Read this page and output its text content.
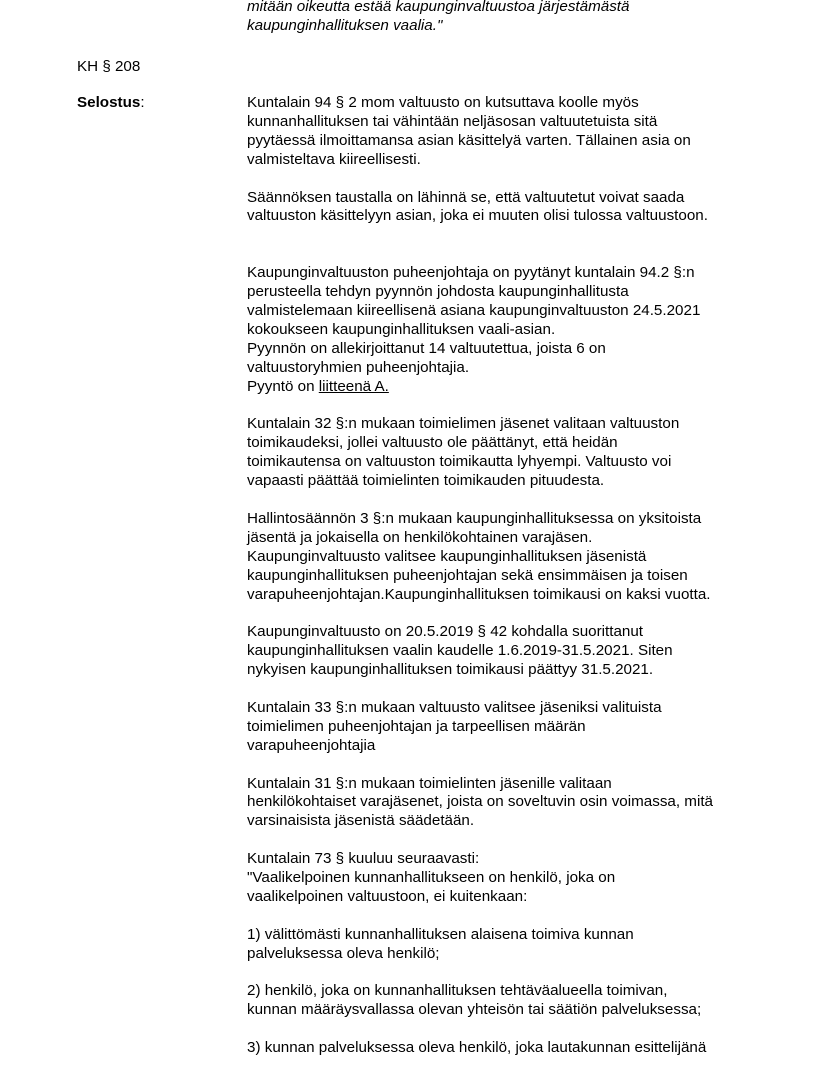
mitään oikeutta estää kaupunginvaltuustoa järjestämästä
kaupunginhallituksen vaalia."
KH § 208
Selostus:	Kuntalain 94 § 2 mom valtuusto on kutsuttava koolle myös
kunnanhallituksen tai vähintään neljäsosan valtuutetuista sitä
pyytäessä ilmoittamansa asian käsittelyä varten. Tällainen asia on
valmisteltava kiireellisesti.

Säännöksen taustalla on lähinnä se, että valtuutetut voivat saada
valtuuston käsittelyyn asian, joka ei muuten olisi tulossa valtuustoon.

Kaupunginvaltuuston puheenjohtaja on pyytänyt kuntalain 94.2 §:n
perusteella tehdyn pyynnön johdosta kaupunginhallitusta
valmistelemaan kiireellisenä asiana kaupunginvaltuuston 24.5.2021
kokoukseen kaupunginhallituksen vaali-asian.
Pyynnön on allekirjoittanut 14 valtuutettua, joista 6 on
valtuustoryhmien puheenjohtajia.
Pyyntö on liitteenä A.

Kuntalain 32 §:n mukaan toimielimen jäsenet valitaan valtuuston
toimikaudeksi, jollei valtuusto ole päättänyt, että heidän
toimikautensa on valtuuston toimikautta lyhyempi. Valtuusto voi
vapaasti päättää toimielinten toimikauden pituudesta.

Hallintosäännön 3 §:n mukaan kaupunginhallituksessa on yksitoista
jäsentä ja jokaisella on henkilökohtainen varajäsen.
Kaupunginvaltuusto valitsee kaupunginhallituksen jäsenistä
kaupunginhallituksen puheenjohtajan sekä ensimmäisen ja toisen
varapuheenjohtajan.Kaupunginhallituksen toimikausi on kaksi vuotta.

Kaupunginvaltuusto on 20.5.2019 § 42 kohdalla suorittanut
kaupunginhallituksen vaalin kaudelle 1.6.2019-31.5.2021. Siten
nykyisen kaupunginhallituksen toimikausi päättyy 31.5.2021.

Kuntalain 33 §:n mukaan valtuusto valitsee jäseniksi valituista
toimielimen puheenjohtajan ja tarpeellisen määrän
varapuheenjohtajia

Kuntalain 31 §:n mukaan toimielinten jäsenille valitaan
henkilökohtaiset varajäsenet, joista on soveltuvin osin voimassa, mitä
varsinaisista jäsenistä säädetään.

Kuntalain 73 § kuuluu seuraavasti:
"Vaalikelpoinen kunnanhallitukseen on henkilö, joka on
vaalikelpoinen valtuustoon, ei kuitenkaan:

1) välittömästi kunnanhallituksen alaisena toimiva kunnan
palveluksessa oleva henkilö;

2) henkilö, joka on kunnanhallituksen tehtäväalueella toimivan,
kunnan määräysvallassa olevan yhteisön tai säätiön palveluksessa;

3) kunnan palveluksessa oleva henkilö, joka lautakunnan esittelijänä
